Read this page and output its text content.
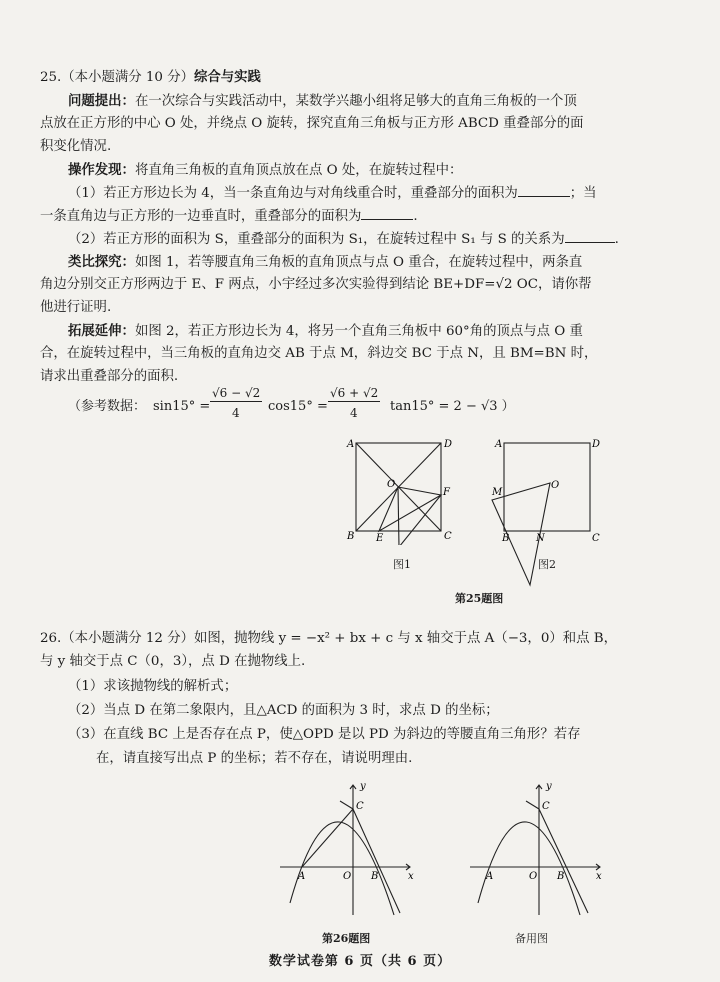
25.（本小题满分 10 分）综合与实践
问题提出：在一次综合与实践活动中，某数学兴趣小组将足够大的直角三角板的一个顶
点放在正方形的中心 O 处，并绕点 O 旋转，探究直角三角板与正方形 ABCD 重叠部分的面
积变化情况.
操作发现：将直角三角板的直角顶点放在点 O 处，在旋转过程中：
（1）若正方形边长为 4，当一条直角边与对角线重合时，重叠部分的面积为	；当
一条直角边与正方形的一边垂直时，重叠部分的面积为	.
（2）若正方形的面积为 S，重叠部分的面积为 S₁，在旋转过程中 S₁ 与 S 的关系为	.
类比探究：如图 1，若等腰直角三角板的直角顶点与点 O 重合，在旋转过程中，两条直
角边分别交正方形两边于 E、F 两点，小宇经过多次实验得到结论 BE+DF=√2 OC，请你帮
他进行证明.
拓展延伸：如图 2，若正方形边长为 4，将另一个直角三角板中 60°角的顶点与点 O 重
合，在旋转过程中，当三角板的直角边交 AB 于点 M，斜边交 BC 于点 N，且 BM=BN 时，
请求出重叠部分的面积.
（参考数据： sin15° =
√6 − √2
4 cos15° =
√6 + √2
4 tan15° = 2 − √3 ）
A	D
B	C
O
F
E
图1
A	D
M
O
B	N	C
图2
第25题图
26.（本小题满分 12 分）如图，抛物线 y = −x² + bx + c 与 x 轴交于点 A（−3，0）和点 B，
与 y 轴交于点 C（0，3），点 D 在抛物线上.
（1）求该抛物线的解析式；
（2）当点 D 在第二象限内，且△ACD 的面积为 3 时，求点 D 的坐标；
（3）在直线 BC 上是否存在点 P，使△OPD 是以 PD 为斜边的等腰直角三角形？若存
在，请直接写出点 P 的坐标；若不存在，请说明理由.
y
x
C
A	O B
第26题图
y
x
C
A	O B
备用图
数学试卷第 6 页（共 6 页）
